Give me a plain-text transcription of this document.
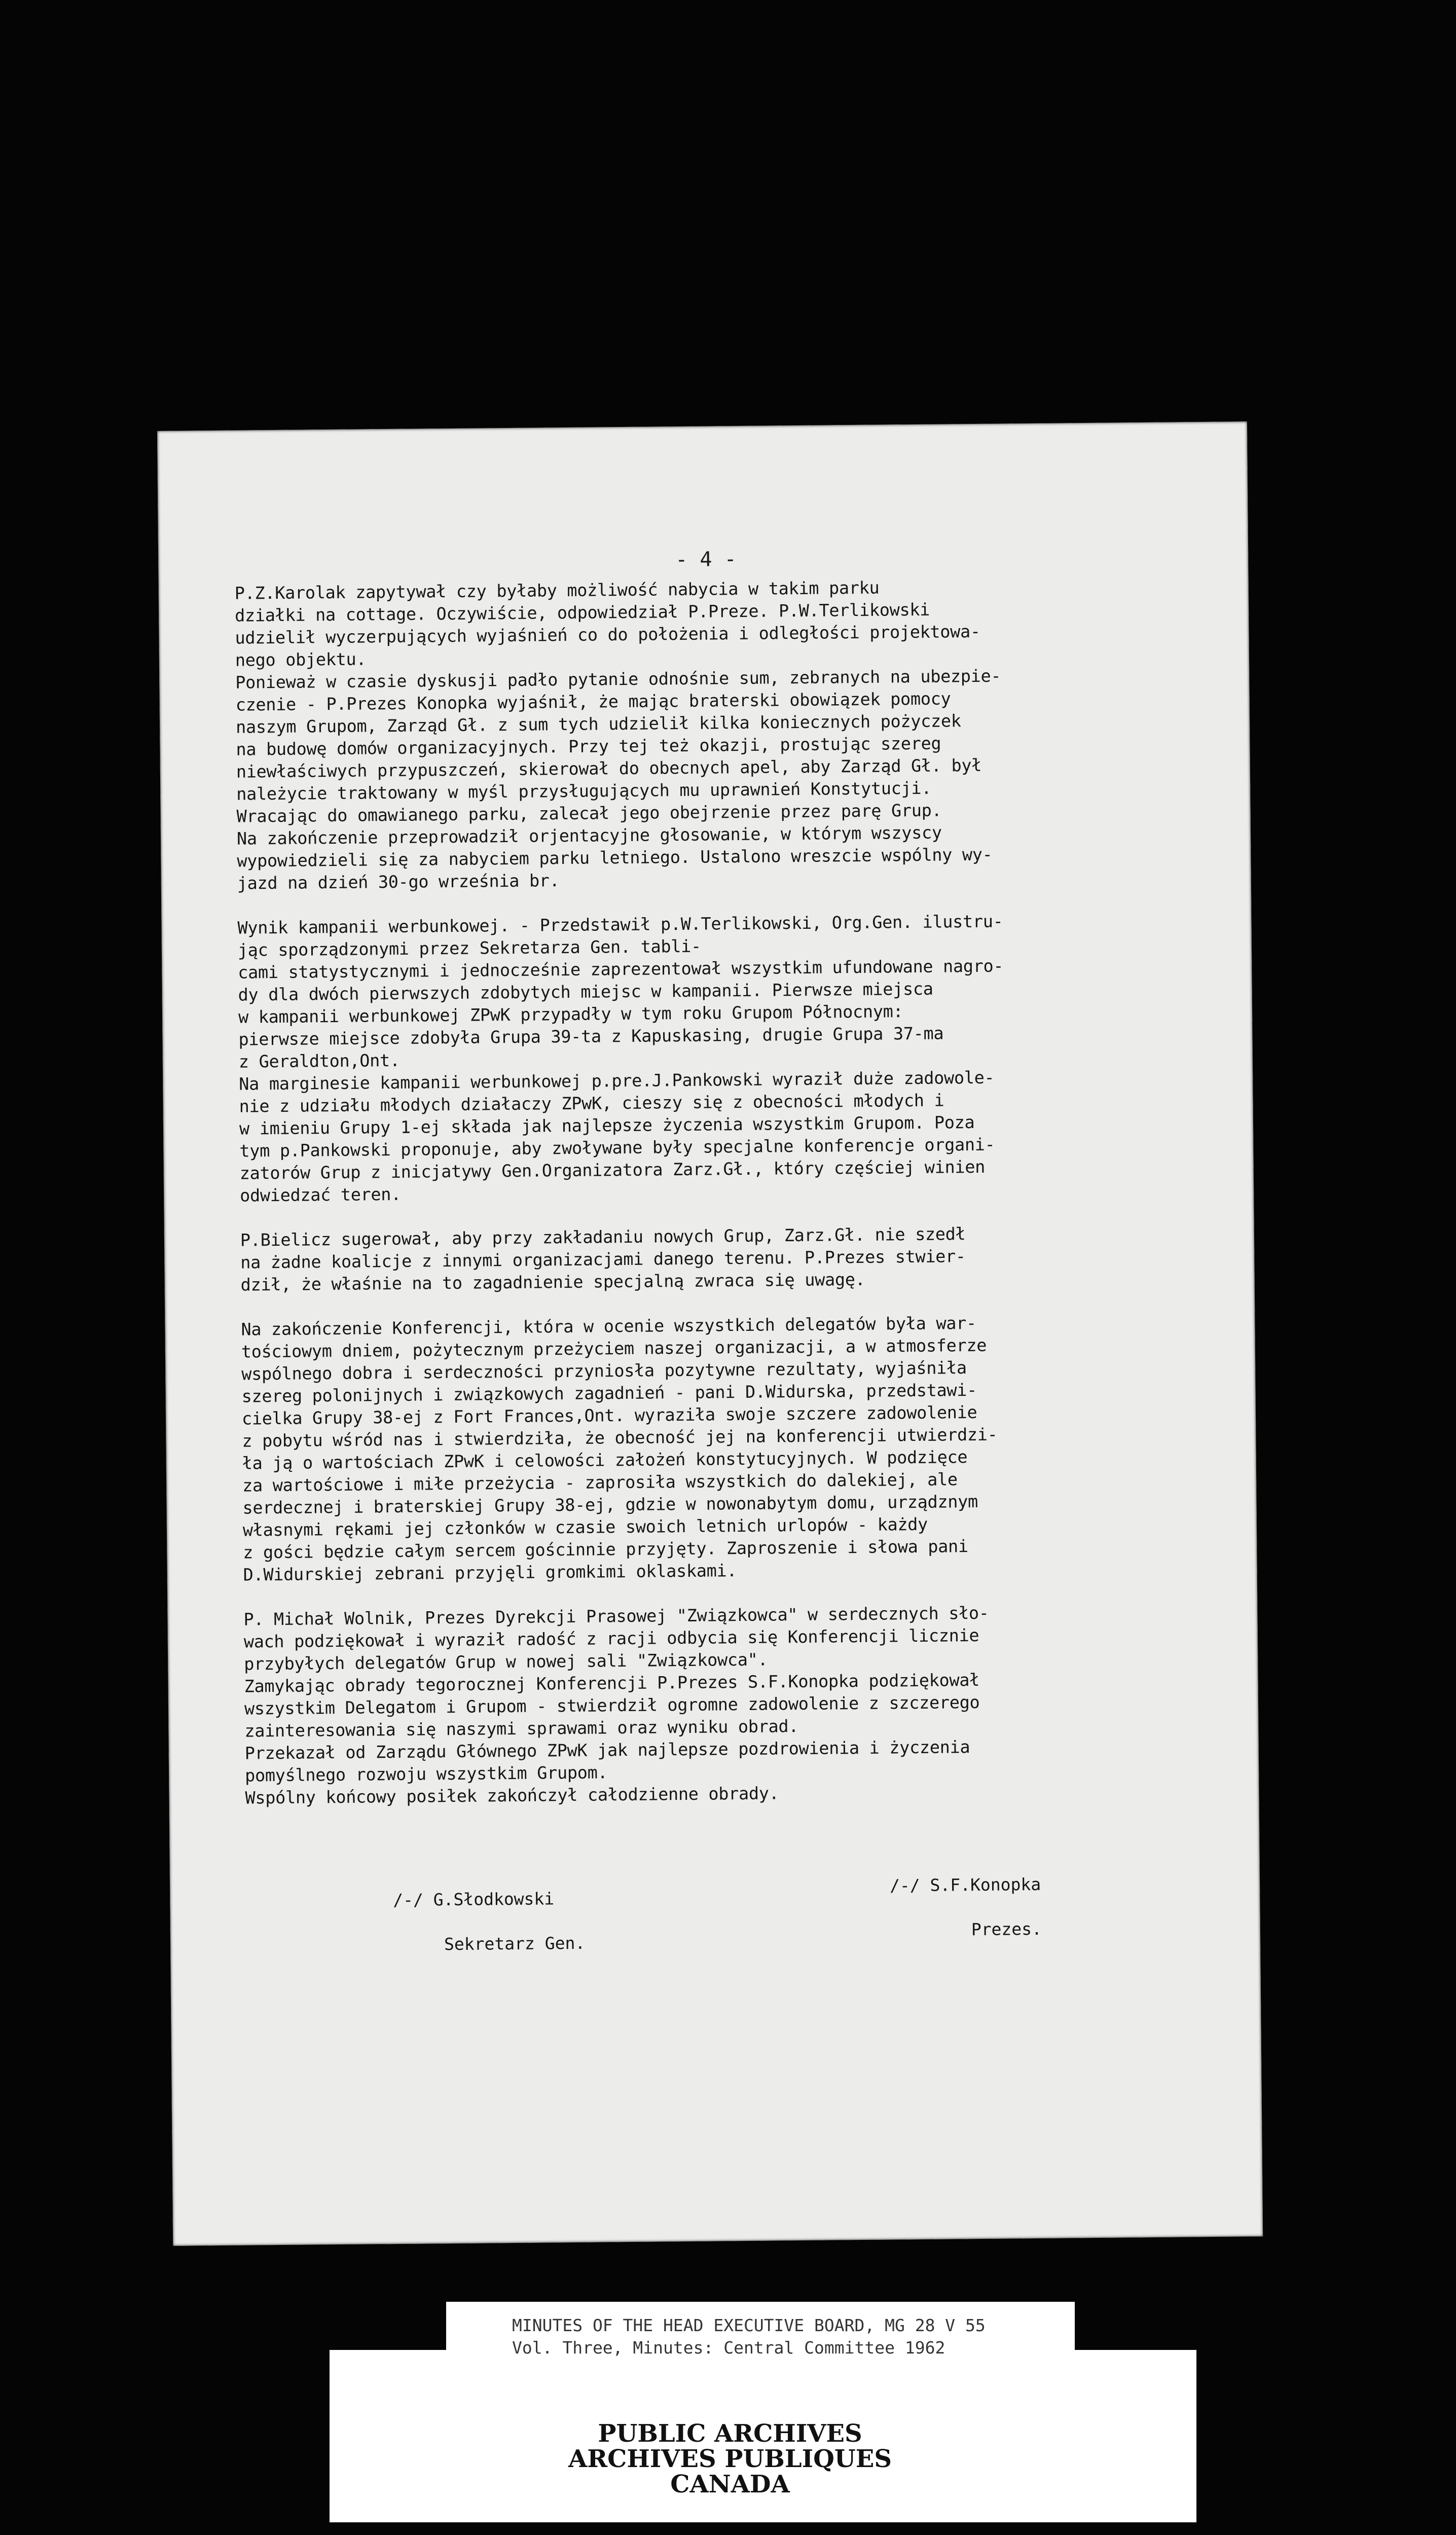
- 4 -

P.Z.Karolak zapytywał czy byłaby możliwość nabycia w takim parku
działki na cottage. Oczywiście, odpowiedział P.Preze. P.W.Terlikowski
udzielił wyczerpujących wyjaśnień co do położenia i odległości projektowa-
nego objektu.
Ponieważ w czasie dyskusji padło pytanie odnośnie sum, zebranych na ubezpie-
czenie - P.Prezes Konopka wyjaśnił, że mając braterski obowiązek pomocy
naszym Grupom, Zarząd Gł. z sum tych udzielił kilka koniecznych pożyczek
na budowę domów organizacyjnych. Przy tej też okazji, prostując szereg
niewłaściwych przypuszczeń, skierował do obecnych apel, aby Zarząd Gł. był
należycie traktowany w myśl przysługujących mu uprawnień Konstytucji.
Wracając do omawianego parku, zalecał jego obejrzenie przez parę Grup.
Na zakończenie przeprowadził orjentacyjne głosowanie, w którym wszyscy
wypowiedzieli się za nabyciem parku letniego. Ustalono wreszcie wspólny wy-
jazd na dzień 30-go września br.

Wynik kampanii werbunkowej. - Przedstawił p.W.Terlikowski, Org.Gen. ilustru-
jąc sporządzonymi przez Sekretarza Gen. tabli-
cami statystycznymi i jednocześnie zaprezentował wszystkim ufundowane nagro-
dy dla dwóch pierwszych zdobytych miejsc w kampanii. Pierwsze miejsca
w kampanii werbunkowej ZPwK przypadły w tym roku Grupom Północnym:
pierwsze miejsce zdobyła Grupa 39-ta z Kapuskasing, drugie Grupa 37-ma
z Geraldton,Ont.
Na marginesie kampanii werbunkowej p.pre.J.Pankowski wyraził duże zadowole-
nie z udziału młodych działaczy ZPwK, cieszy się z obecności młodych i
w imieniu Grupy 1-ej składa jak najlepsze życzenia wszystkim Grupom. Poza
tym p.Pankowski proponuje, aby zwoływane były specjalne konferencje organi-
zatorów Grup z inicjatywy Gen.Organizatora Zarz.Gł., który częściej winien
odwiedzać teren.

P.Bielicz sugerował, aby przy zakładaniu nowych Grup, Zarz.Gł. nie szedł
na żadne koalicje z innymi organizacjami danego terenu. P.Prezes stwier-
dził, że właśnie na to zagadnienie specjalną zwraca się uwagę.

Na zakończenie Konferencji, która w ocenie wszystkich delegatów była war-
tościowym dniem, pożytecznym przeżyciem naszej organizacji, a w atmosferze
wspólnego dobra i serdeczności przyniosła pozytywne rezultaty, wyjaśniła
szereg polonijnych i związkowych zagadnień - pani D.Widurska, przedstawi-
cielka Grupy 38-ej z Fort Frances,Ont. wyraziła swoje szczere zadowolenie
z pobytu wśród nas i stwierdziła, że obecność jej na konferencji utwierdzi-
ła ją o wartościach ZPwK i celowości założeń konstytucyjnych. W podzięce
za wartościowe i miłe przeżycia - zaprosiła wszystkich do dalekiej, ale
serdecznej i braterskiej Grupy 38-ej, gdzie w nowonabytym domu, urządznym
własnymi rękami jej członków w czasie swoich letnich urlopów - każdy
z gości będzie całym sercem gościnnie przyjęty. Zaproszenie i słowa pani
D.Widurskiej zebrani przyjęli gromkimi oklaskami.

P. Michał Wolnik, Prezes Dyrekcji Prasowej "Związkowca" w serdecznych sło-
wach podziękował i wyraził radość z racji odbycia się Konferencji licznie
przybyłych delegatów Grup w nowej sali "Związkowca".
Zamykając obrady tegorocznej Konferencji P.Prezes S.F.Konopka podziękował
wszystkim Delegatom i Grupom - stwierdził ogromne zadowolenie z szczerego
zainteresowania się naszymi sprawami oraz wyniku obrad.
Przekazał od Zarządu Głównego ZPwK jak najlepsze pozdrowienia i życzenia
pomyślnego rozwoju wszystkim Grupom.
Wspólny końcowy posiłek zakończył całodzienne obrady.

/-/ G.Słodkowski
Sekretarz Gen.
/-/ S.F.Konopka
Prezes.
MINUTES OF THE HEAD EXECUTIVE BOARD, MG 28 V 55
Vol. Three, Minutes: Central Committee 1962
PUBLIC ARCHIVES
ARCHIVES PUBLIQUES
CANADA
